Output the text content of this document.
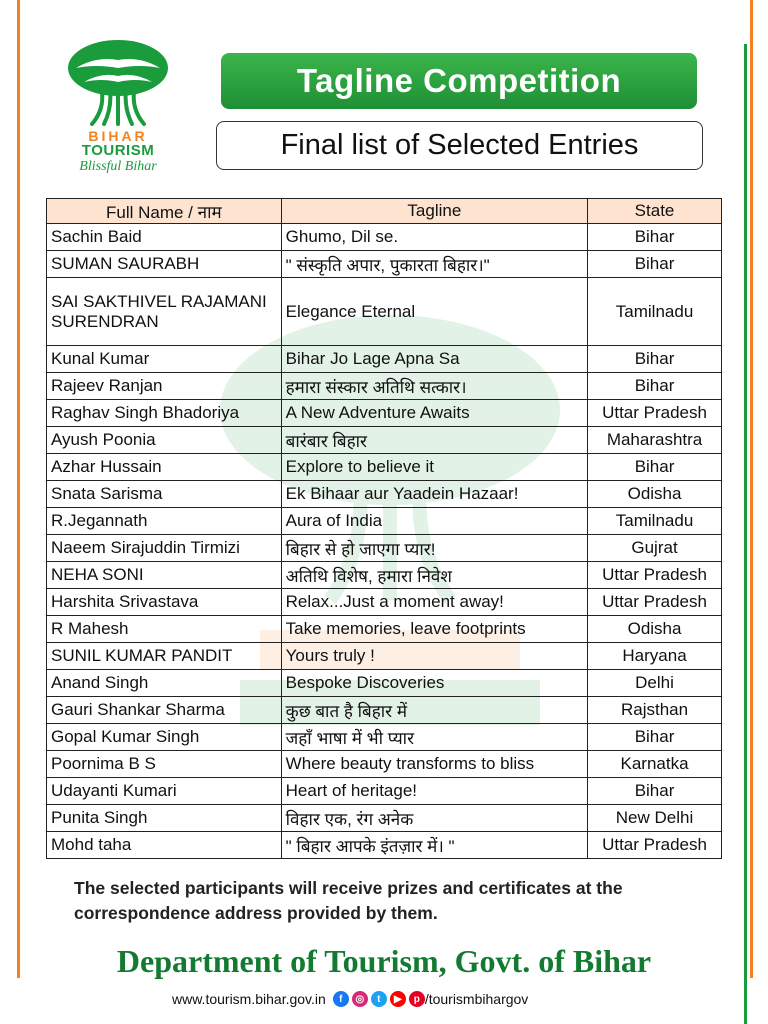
BIHAR
TOURISM
Blissful Bihar
Tagline Competition
Final list of Selected Entries
Full Name / नाम	Tagline	State
Sachin Baid	Ghumo, Dil se.	Bihar
SUMAN SAURABH	" संस्कृति अपार, पुकारता बिहार।"	Bihar
SAI SAKTHIVEL RAJAMANI SURENDRAN	Elegance Eternal	Tamilnadu
Kunal Kumar	Bihar Jo Lage Apna Sa	Bihar
Rajeev Ranjan	हमारा संस्कार अतिथि सत्कार।	Bihar
Raghav Singh Bhadoriya	A New Adventure Awaits	Uttar Pradesh
Ayush Poonia	बारंबार बिहार	Maharashtra
Azhar Hussain	Explore to believe it	Bihar
Snata Sarisma	Ek Bihaar aur Yaadein Hazaar!	Odisha
R.Jegannath	Aura of India	Tamilnadu
Naeem Sirajuddin Tirmizi	बिहार से हो जाएगा प्यार!	Gujrat
NEHA SONI	अतिथि विशेष, हमारा निवेश	Uttar Pradesh
Harshita Srivastava	Relax...Just a moment away!	Uttar Pradesh
R Mahesh	Take memories, leave footprints	Odisha
SUNIL KUMAR PANDIT	Yours truly !	Haryana
Anand Singh	Bespoke Discoveries	Delhi
Gauri Shankar Sharma	कुछ बात है बिहार में	Rajsthan
Gopal Kumar Singh	जहाँ भाषा में भी प्यार	Bihar
Poornima B S	Where beauty transforms to bliss	Karnatka
Udayanti Kumari	Heart of heritage!	Bihar
Punita Singh	विहार एक, रंग अनेक	New Delhi
Mohd taha	" बिहार आपके इंतज़ार में। "	Uttar Pradesh
The selected participants will receive prizes and certificates at the correspondence address provided by them.
Department of Tourism, Govt. of Bihar
www.tourism.bihar.gov.in	f	◎	t	▶	p /tourismbihargov
